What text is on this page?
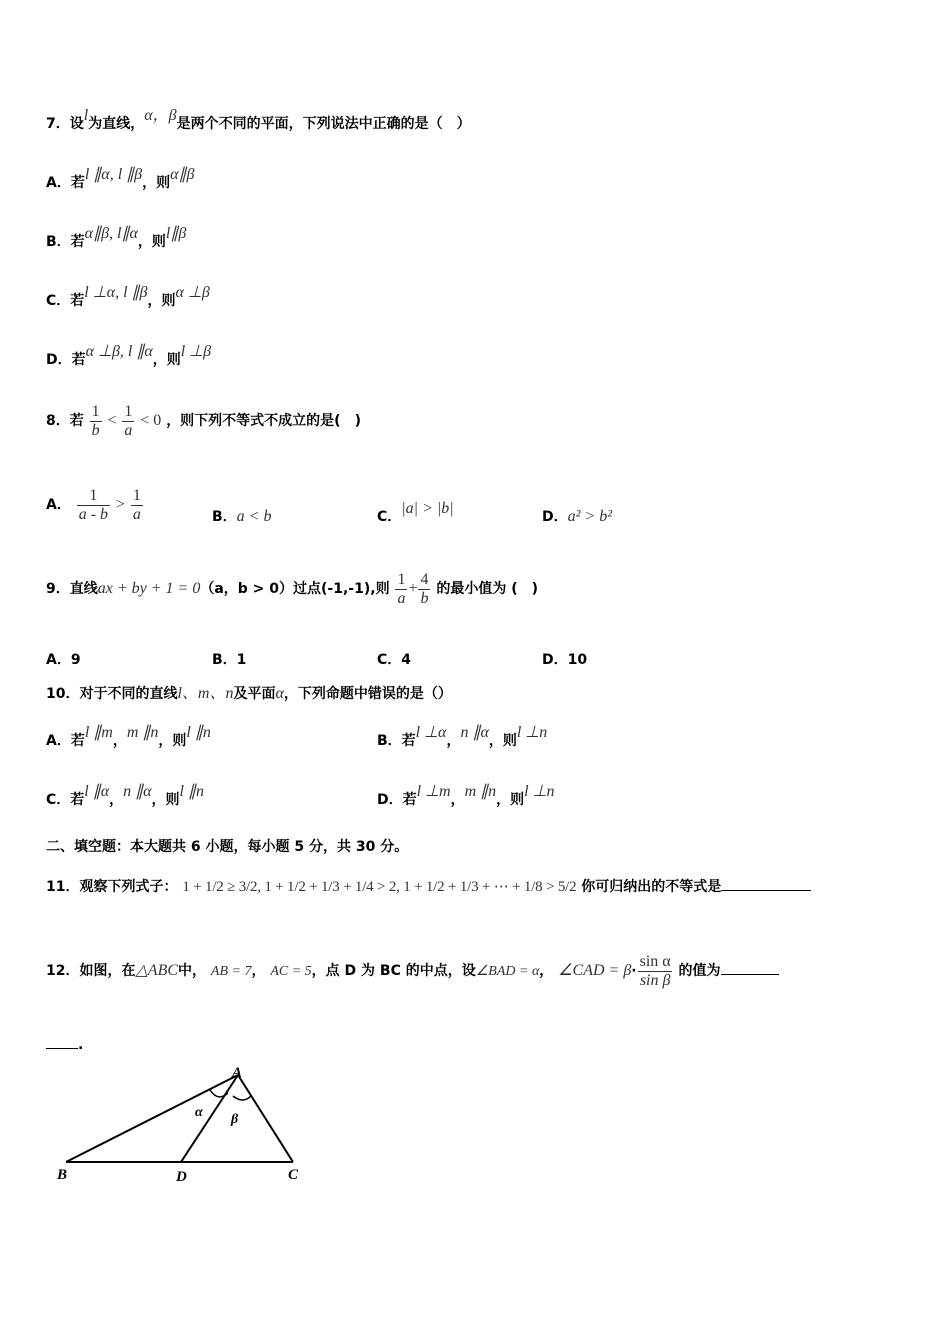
7．设l为直线，α，β是两个不同的平面，下列说法中正确的是（　）
A．若l ∥α, l ∥β，则α∥β
B．若α∥β, l∥α，则l∥β
C．若l ⊥α, l ∥β，则α ⊥β
D．若α ⊥β, l ∥α，则l ⊥β
8．若 $\frac{1}{b} < \frac{1}{a} < 0$ ，则下列不等式不成立的是(　)
A． $\frac{1}{a - b} > \frac{1}{a}$	B．a < b	C．|a| > |b|	D．a² > b²
9．直线ax + by + 1 = 0（a，b > 0）过点(-1,-1),则 $\frac{1}{a} + \frac{4}{b}$ 的最小值为 (　)
A．9	B．1	C．4	D．10
10．对于不同的直线l、m、n及平面α，下列命题中错误的是（）
A．若l ∥m，m ∥n，则l ∥n	B．若l ⊥α，n ∥α，则l ⊥n
C．若l ∥α，n ∥α，则l ∥n	D．若l ⊥m，m ∥n，则l ⊥n
二、填空题：本大题共 6 小题，每小题 5 分，共 30 分。
11．观察下列式子： 1 + 1/2 ≥ 3/2, 1 + 1/2 + 1/3 + 1/4 > 2, 1 + 1/2 + 1/3 + ⋯ + 1/8 > 5/2 你可归纳出的不等式是
12．如图，在△ABC中， AB = 7， AC = 5，点 D 为 BC 的中点，设∠BAD = α， ∠CAD = $\beta\cdot \frac{\text{sin α}}{\text{sin β}}$ 的值为
.
A
B	C
D
α β
